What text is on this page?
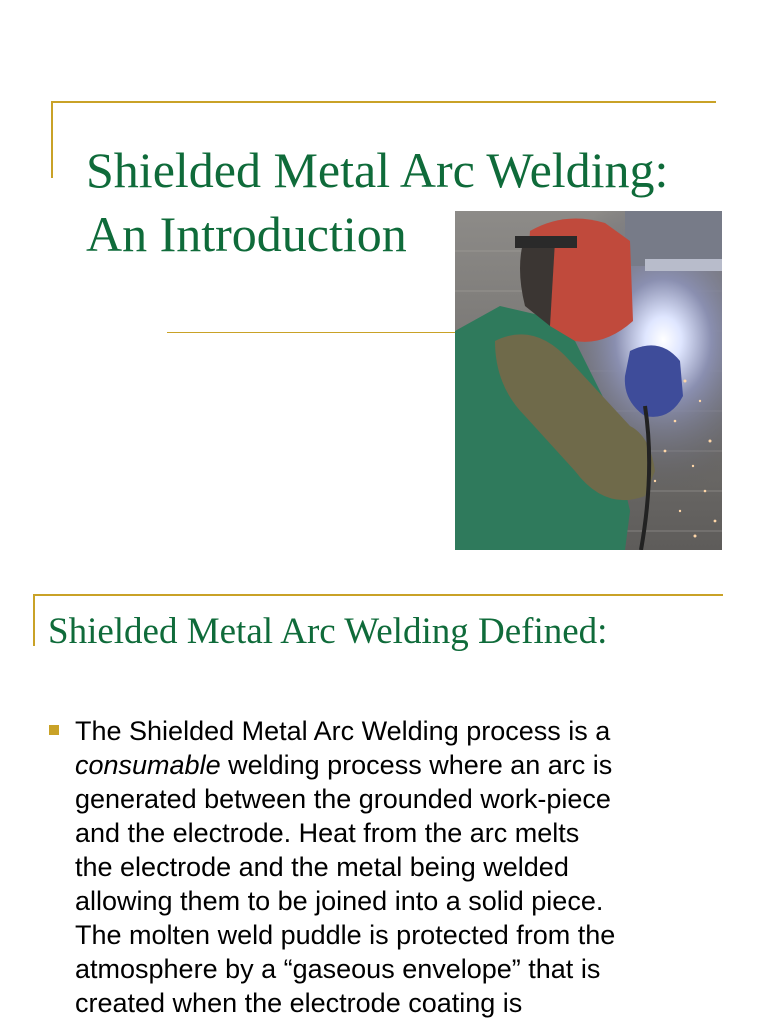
Shielded Metal Arc Welding:
An Introduction
Shielded Metal Arc Welding Defined:
The Shielded Metal Arc Welding process is a
consumable welding process where an arc is
generated between the grounded work-piece
and the electrode. Heat from the arc melts
the electrode and the metal being welded
allowing them to be joined into a solid piece.
The molten weld puddle is protected from the
atmosphere by a “gaseous envelope” that is
created when the electrode coating is
